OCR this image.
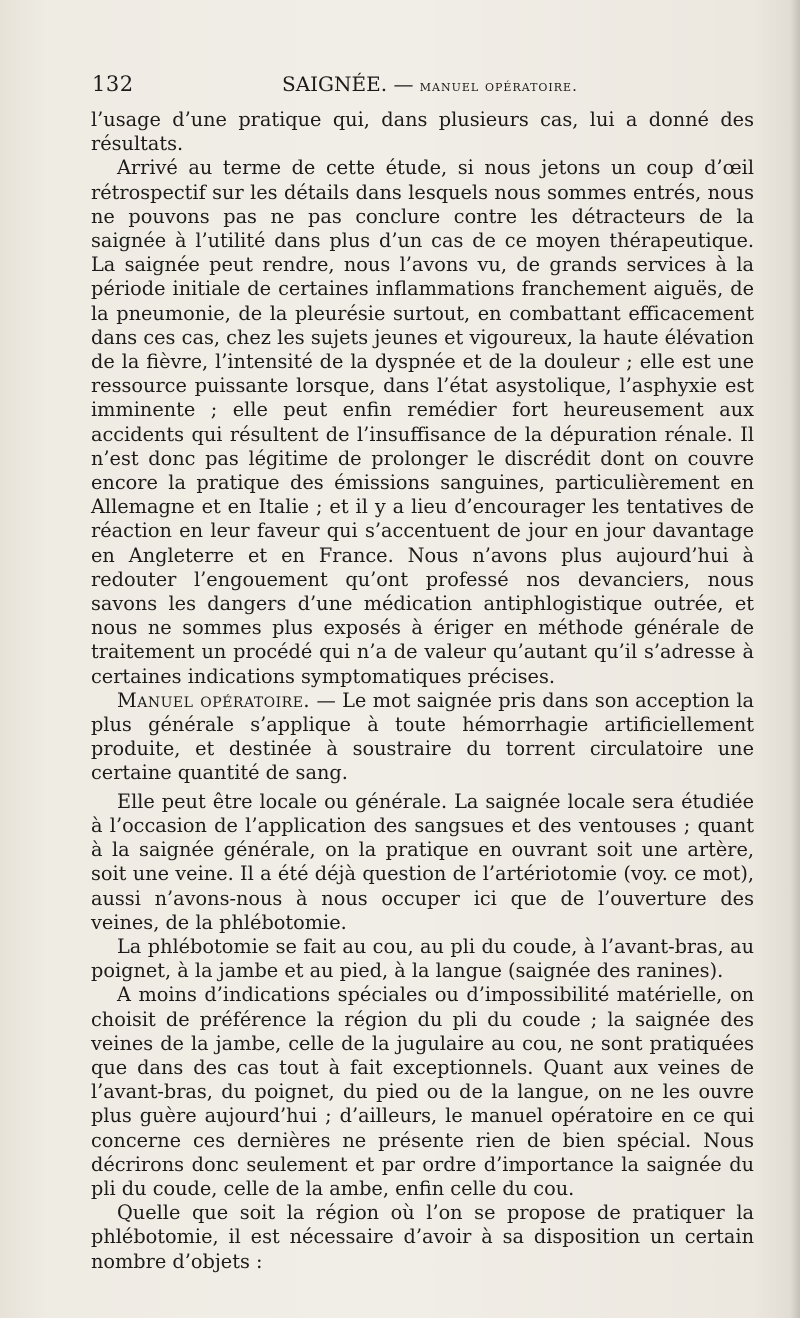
132	SAIGNÉE. — manuel opératoire.

l’usage d’une pratique qui, dans plusieurs cas, lui a donné des résultats.

Arrivé au terme de cette étude, si nous jetons un coup d’œil rétrospectif sur les détails dans lesquels nous sommes entrés, nous ne pouvons pas ne pas conclure contre les détracteurs de la saignée à l’utilité dans plus d’un cas de ce moyen thérapeutique. La saignée peut rendre, nous l’avons vu, de grands services à la période initiale de certaines inflammations franchement aiguës, de la pneumonie, de la pleurésie surtout, en combattant efficacement dans ces cas, chez les sujets jeunes et vigoureux, la haute élévation de la fièvre, l’intensité de la dyspnée et de la douleur ; elle est une ressource puissante lorsque, dans l’état asystolique, l’asphyxie est imminente ; elle peut enfin remédier fort heureusement aux accidents qui résultent de l’insuffisance de la dépuration rénale. Il n’est donc pas légitime de prolonger le discrédit dont on couvre encore la pratique des émissions sanguines, particulièrement en Allemagne et en Italie ; et il y a lieu d’encourager les tentatives de réaction en leur faveur qui s’accentuent de jour en jour davantage en Angleterre et en France. Nous n’avons plus aujourd’hui à redouter l’engouement qu’ont professé nos devanciers, nous savons les dangers d’une médication antiphlogistique outrée, et nous ne sommes plus exposés à ériger en méthode générale de traitement un procédé qui n’a de valeur qu’autant qu’il s’adresse à certaines indications symptomatiques précises.

Manuel opératoire. — Le mot saignée pris dans son acception la plus générale s’applique à toute hémorrhagie artificiellement produite, et destinée à soustraire du torrent circulatoire une certaine quantité de sang.

Elle peut être locale ou générale. La saignée locale sera étudiée à l’occasion de l’application des sangsues et des ventouses ; quant à la saignée générale, on la pratique en ouvrant soit une artère, soit une veine. Il a été déjà question de l’artériotomie (voy. ce mot), aussi n’avons-nous à nous occuper ici que de l’ouverture des veines, de la phlébotomie.

La phlébotomie se fait au cou, au pli du coude, à l’avant-bras, au poignet, à la jambe et au pied, à la langue (saignée des ranines).

A moins d’indications spéciales ou d’impossibilité matérielle, on choisit de préférence la région du pli du coude ; la saignée des veines de la jambe, celle de la jugulaire au cou, ne sont pratiquées que dans des cas tout à fait exceptionnels. Quant aux veines de l’avant-bras, du poignet, du pied ou de la langue, on ne les ouvre plus guère aujourd’hui ; d’ailleurs, le manuel opératoire en ce qui concerne ces dernières ne présente rien de bien spécial. Nous décrirons donc seulement et par ordre d’importance la saignée du pli du coude, celle de la ambe, enfin celle du cou.

Quelle que soit la région où l’on se propose de pratiquer la phlébotomie, il est nécessaire d’avoir à sa disposition un certain nombre d’objets :
